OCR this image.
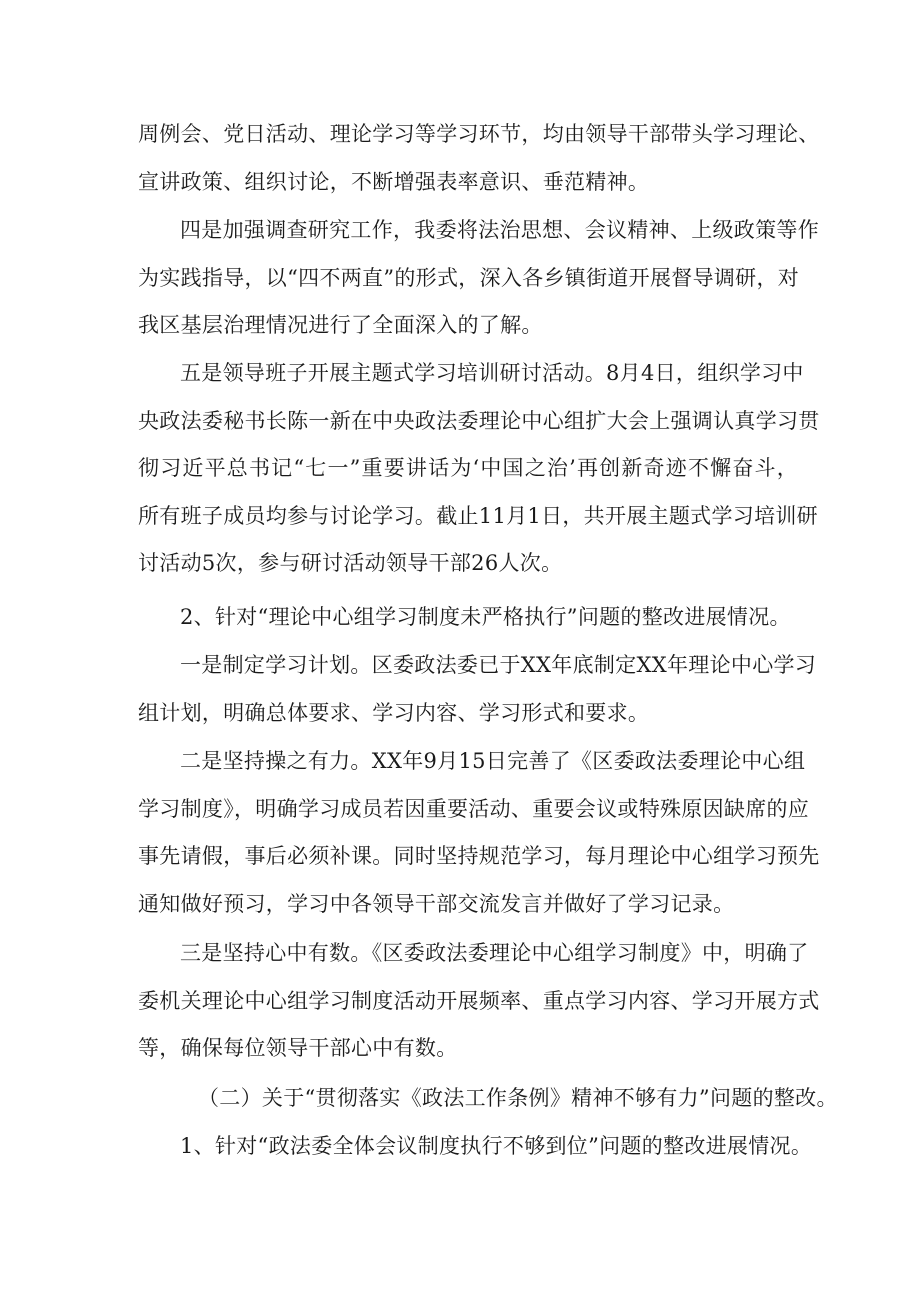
周例会、党日活动、理论学习等学习环节，均由领导干部带头学习理论、
宣讲政策、组织讨论，不断增强表率意识、垂范精神。
四是加强调查研究工作，我委将法治思想、会议精神、上级政策等作
为实践指导，以“四不两直”的形式，深入各乡镇街道开展督导调研，对
我区基层治理情况进行了全面深入的了解。
五是领导班子开展主题式学习培训研讨活动。8月4日，组织学习中
央政法委秘书长陈一新在中央政法委理论中心组扩大会上强调认真学习贯
彻习近平总书记“七一”重要讲话为‘中国之治’再创新奇迹不懈奋斗，
所有班子成员均参与讨论学习。截止11月1日，共开展主题式学习培训研
讨活动5次，参与研讨活动领导干部26人次。
2、针对“理论中心组学习制度未严格执行”问题的整改进展情况。
一是制定学习计划。区委政法委已于XX年底制定XX年理论中心学习
组计划，明确总体要求、学习内容、学习形式和要求。
二是坚持操之有力。XX年9月15日完善了《区委政法委理论中心组
学习制度》，明确学习成员若因重要活动、重要会议或特殊原因缺席的应
事先请假，事后必须补课。同时坚持规范学习，每月理论中心组学习预先
通知做好预习，学习中各领导干部交流发言并做好了学习记录。
三是坚持心中有数。《区委政法委理论中心组学习制度》中，明确了
委机关理论中心组学习制度活动开展频率、重点学习内容、学习开展方式
等，确保每位领导干部心中有数。
（二）关于“贯彻落实《政法工作条例》精神不够有力”问题的整改。
1、针对“政法委全体会议制度执行不够到位”问题的整改进展情况。
